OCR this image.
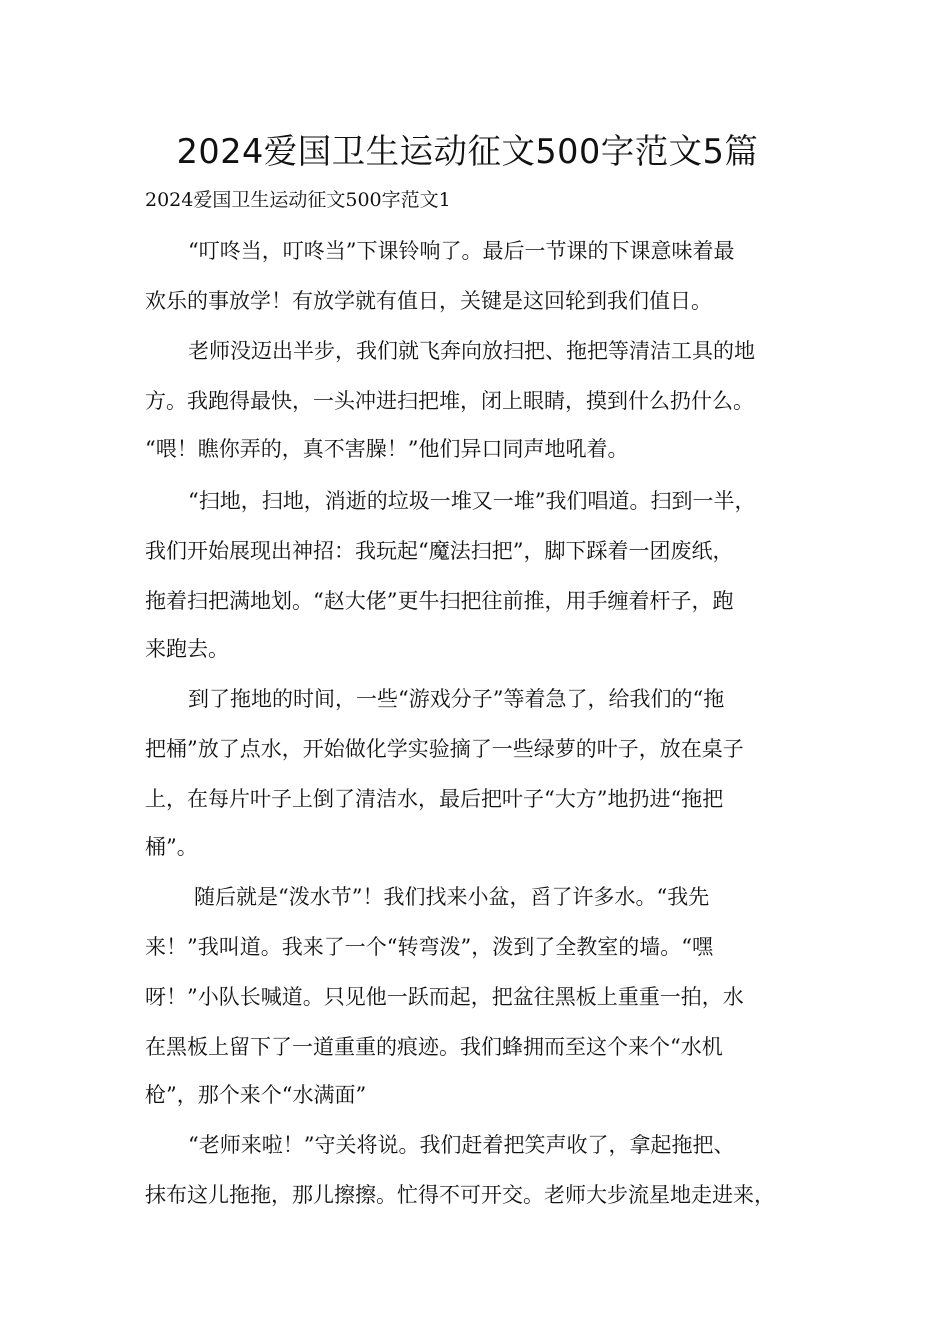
2024爱国卫生运动征文500字范文5篇
2024爱国卫生运动征文500字范文1
“叮咚当，叮咚当”下课铃响了。最后一节课的下课意味着最
欢乐的事放学！有放学就有值日，关键是这回轮到我们值日。
老师没迈出半步，我们就飞奔向放扫把、拖把等清洁工具的地
方。我跑得最快，一头冲进扫把堆，闭上眼睛，摸到什么扔什么。
“喂！瞧你弄的，真不害臊！”他们异口同声地吼着。
“扫地，扫地，消逝的垃圾一堆又一堆”我们唱道。扫到一半，
我们开始展现出神招：我玩起“魔法扫把”，脚下踩着一团废纸，
拖着扫把满地划。“赵大佬”更牛扫把往前推，用手缠着杆子，跑
来跑去。
到了拖地的时间，一些“游戏分子”等着急了，给我们的“拖
把桶”放了点水，开始做化学实验摘了一些绿萝的叶子，放在桌子
上，在每片叶子上倒了清洁水，最后把叶子“大方”地扔进“拖把
桶”。
随后就是“泼水节”！我们找来小盆，舀了许多水。“我先
来！”我叫道。我来了一个“转弯泼”，泼到了全教室的墙。“嘿
呀！”小队长喊道。只见他一跃而起，把盆往黑板上重重一拍，水
在黑板上留下了一道重重的痕迹。我们蜂拥而至这个来个“水机
枪”，那个来个“水满面”
“老师来啦！”守关将说。我们赶着把笑声收了，拿起拖把、
抹布这儿拖拖，那儿擦擦。忙得不可开交。老师大步流星地走进来，
